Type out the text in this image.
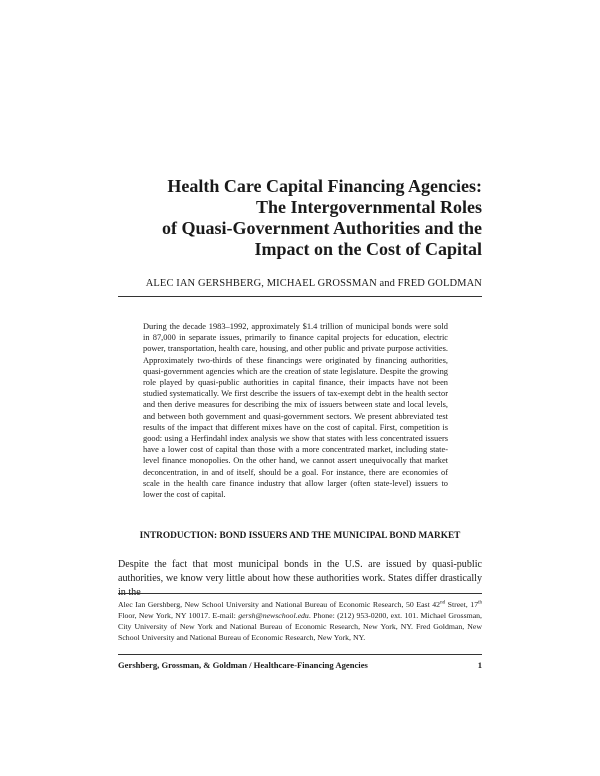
Health Care Capital Financing Agencies:
The Intergovernmental Roles
of Quasi-Government Authorities and the
Impact on the Cost of Capital
ALEC IAN GERSHBERG, MICHAEL GROSSMAN and FRED GOLDMAN

During the decade 1983–1992, approximately $1.4 trillion of municipal bonds were sold in 87,000 in separate issues, primarily to finance capital projects for education, electric power, transportation, health care, housing, and other public and private purpose activities. Approximately two-thirds of these financings were originated by financing authorities, quasi-government agencies which are the creation of state legislature. Despite the growing role played by quasi-public authorities in capital finance, their impacts have not been studied systematically. We first describe the issuers of tax-exempt debt in the health sector and then derive measures for describing the mix of issuers between state and local levels, and between both government and quasi-government sectors. We present abbreviated test results of the impact that different mixes have on the cost of capital. First, competition is good: using a Herfindahl index analysis we show that states with less concentrated issuers have a lower cost of capital than those with a more concentrated market, including state-level finance monopolies. On the other hand, we cannot assert unequivocally that market deconcentration, in and of itself, should be a goal. For instance, there are economies of scale in the health care finance industry that allow larger (often state-level) issuers to lower the cost of capital.

INTRODUCTION: BOND ISSUERS AND THE MUNICIPAL BOND MARKET

Despite the fact that most municipal bonds in the U.S. are issued by quasi-public authorities, we know very little about how these authorities work. States differ drastically in the

Alec Ian Gershberg, New School University and National Bureau of Economic Research, 50 East 42nd Street, 17th Floor, New York, NY 10017. E-mail: gersh@newschool.edu. Phone: (212) 953-0200, ext. 101. Michael Grossman, City University of New York and National Bureau of Economic Research, New York, NY. Fred Goldman, New School University and National Bureau of Economic Research, New York, NY.

Gershberg, Grossman, & Goldman / Healthcare-Financing Agencies	1
